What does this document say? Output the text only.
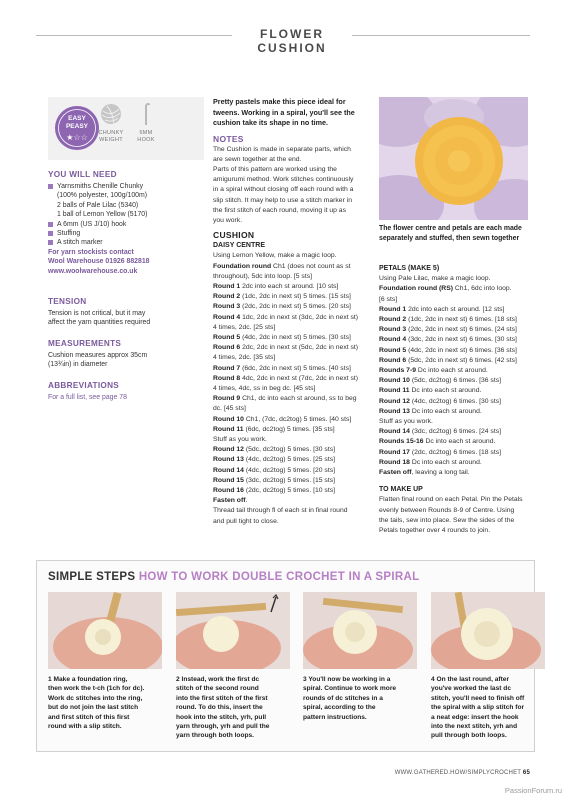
FLOWER CUSHION
EASY
PEASY
★☆☆	CHUNKY
WEIGHT
6MM
HOOK
YOU WILL NEED
Yarnsmiths Chenille Chunky
(100% polyester, 100g/100m)
2 balls of Pale Lilac (5340)
1 ball of Lemon Yellow (5170)
A 6mm (US J/10) hook
Stuffing
A stitch marker
For yarn stockists contact
Wool Warehouse 01926 882818
www.woolwarehouse.co.uk
TENSION
Tension is not critical, but it may
affect the yarn quantities required
MEASUREMENTS
Cushion measures approx 35cm
(13¾in) in diameter
ABBREVIATIONS
For a full list, see page 78
Pretty pastels make this piece ideal for
tweens. Working in a spiral, you'll see the
cushion take its shape in no time.
NOTES
The Cushion is made in separate parts, which
are sewn together at the end.
Parts of this pattern are worked using the
amigurumi method. Work stitches continuously
in a spiral without closing off each round with a
slip stitch. It may help to use a stitch marker in
the first stitch of each round, moving it up as
you work.
CUSHION
DAISY CENTRE
Using Lemon Yellow, make a magic loop.
Foundation round Ch1 (does not count as st
throughout), 5dc into loop. [5 sts]
Round 1 2dc into each st around. [10 sts]
Round 2 (1dc, 2dc in next st) 5 times. [15 sts]
Round 3 (2dc, 2dc in next st) 5 times. [20 sts]
Round 4 1dc, 2dc in next st (3dc, 2dc in next st)
4 times, 2dc. [25 sts]
Round 5 (4dc, 2dc in next st) 5 times. [30 sts]
Round 6 2dc, 2dc in next st (5dc, 2dc in next st)
4 times, 2dc. [35 sts]
Round 7 (6dc, 2dc in next st) 5 times. [40 sts]
Round 8 4dc, 2dc in next st (7dc, 2dc in next st)
4 times, 4dc, ss in beg dc. [45 sts]
Round 9 Ch1, dc into each st around, ss to beg
dc. [45 sts]
Round 10 Ch1, (7dc, dc2tog) 5 times. [40 sts]
Round 11 (6dc, dc2tog) 5 times. [35 sts]
Stuff as you work.
Round 12 (5dc, dc2tog) 5 times. [30 sts]
Round 13 (4dc, dc2tog) 5 times. [25 sts]
Round 14 (4dc, dc2tog) 5 times. [20 sts]
Round 15 (3dc, dc2tog) 5 times. [15 sts]
Round 16 (2dc, dc2tog) 5 times. [10 sts]
Fasten off.
Thread tail through fl of each st in final round
and pull tight to close.
The flower centre and petals are each made
separately and stuffed, then sewn together
PETALS (MAKE 5)
Using Pale Lilac, make a magic loop.
Foundation round (RS) Ch1, 6dc into loop.
[6 sts]
Round 1 2dc into each st around. [12 sts]
Round 2 (1dc, 2dc in next st) 6 times. [18 sts]
Round 3 (2dc, 2dc in next st) 6 times. [24 sts]
Round 4 (3dc, 2dc in next st) 6 times. [30 sts]
Round 5 (4dc, 2dc in next st) 6 times. [36 sts]
Round 6 (5dc, 2dc in next st) 6 times. [42 sts]
Rounds 7-9 Dc into each st around.
Round 10 (5dc, dc2tog) 6 times. [36 sts]
Round 11 Dc into each st around.
Round 12 (4dc, dc2tog) 6 times. [30 sts]
Round 13 Dc into each st around.
Stuff as you work.
Round 14 (3dc, dc2tog) 6 times. [24 sts]
Rounds 15-16 Dc into each st around.
Round 17 (2dc, dc2tog) 6 times. [18 sts]
Round 18 Dc into each st around.
Fasten off, leaving a long tail.
TO MAKE UP
Flatten final round on each Petal. Pin the Petals
evenly between Rounds 8-9 of Centre. Using
the tails, sew into place. Sew the sides of the
Petals together over 4 rounds to join.
SIMPLE STEPS HOW TO WORK DOUBLE CROCHET IN A SPIRAL
1 Make a foundation ring,
then work the t-ch (1ch for dc).
Work dc stitches into the ring,
but do not join the last stitch
and first stitch of this first
round with a slip stitch.
2 Instead, work the first dc
stitch of the second round
into the first stitch of the first
round. To do this, insert the
hook into the stitch, yrh, pull
yarn through, yrh and pull the
yarn through both loops.
3 You'll now be working in a
spiral. Continue to work more
rounds of dc stitches in a
spiral, according to the
pattern instructions.
4 On the last round, after
you've worked the last dc
stitch, you'll need to finish off
the spiral with a slip stitch for
a neat edge: insert the hook
into the next stitch, yrh and
pull through both loops.
WWW.GATHERED.HOW/SIMPLYCROCHET 65
PassionForum.ru
